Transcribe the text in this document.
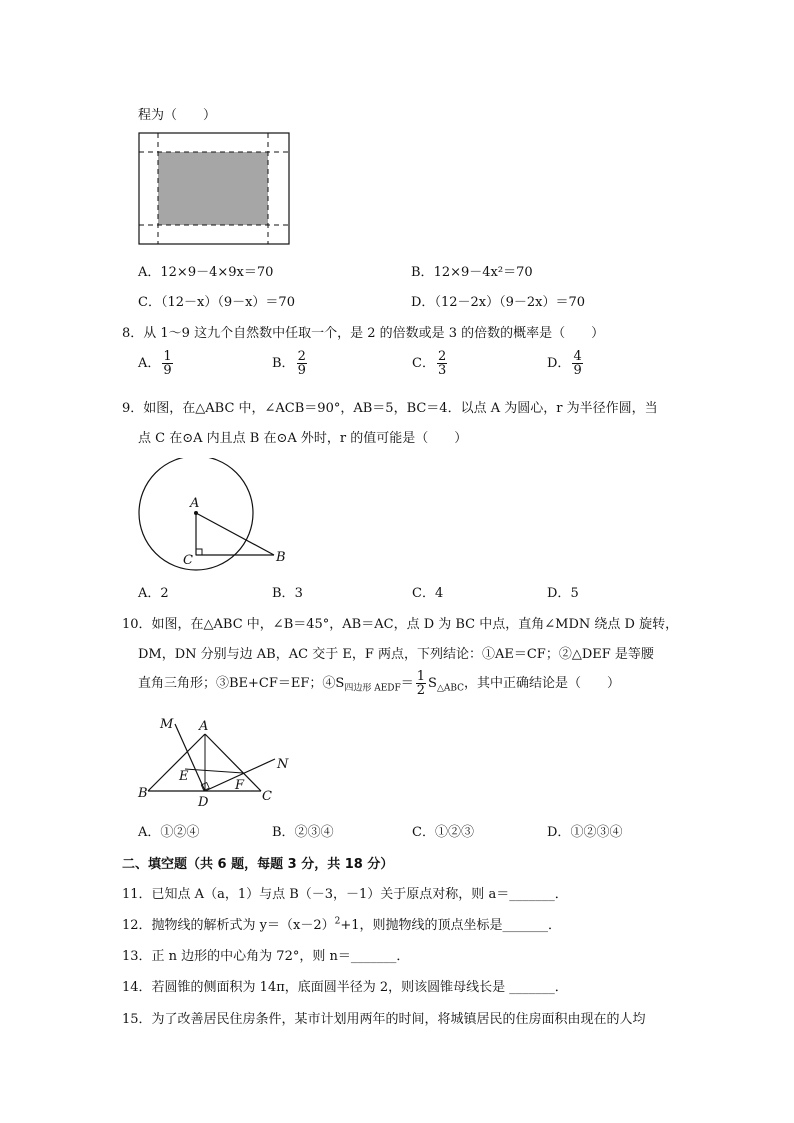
程为（　　）
A．12×9－4×9x＝70	B．12×9－4x²＝70
C．（12－x）（9－x）＝70	D．（12－2x）（9－2x）＝70
8．从 1～9 这九个自然数中任取一个，是 2 的倍数或是 3 的倍数的概率是（　　）
A． $\frac{1}{9}$	B． $\frac{2}{9}$	C． $\frac{2}{3}$	D． $\frac{4}{9}$
9．如图，在△ABC 中，∠ACB＝90°，AB＝5，BC＝4．以点 A 为圆心，r 为半径作圆，当
点 C 在⊙A 内且点 B 在⊙A 外时，r 的值可能是（　　）
A
C	B
A．2	B．3	C．4	D．5
10．如图，在△ABC 中，∠B＝45°，AB＝AC，点 D 为 BC 中点，直角∠MDN 绕点 D 旋转，
DM，DN 分别与边 AB，AC 交于 E，F 两点，下列结论：①AE＝CF；②△DEF 是等腰
直角三角形；③BE+CF＝EF；$④S_{四边形 AEDF}= \frac{1}{2} S_{\triangle ABC}$，其中正确结论是（　　）
M A
E
N
B
D
F
C
A．①②④	B．②③④	C．①②③	D．①②③④
二、填空题（共 6 题，每题 3 分，共 18 分）
11．已知点 A（a，1）与点 B（－3，－1）关于原点对称，则 a＝_______．
12．抛物线的解析式为 $y=(x-2)^2+1$，则抛物线的顶点坐标是_______．
13．正 n 边形的中心角为 72°，则 n＝_______．
14．若圆锥的侧面积为 14π，底面圆半径为 2，则该圆锥母线长是 _______．
15．为了改善居民住房条件，某市计划用两年的时间，将城镇居民的住房面积由现在的人均
